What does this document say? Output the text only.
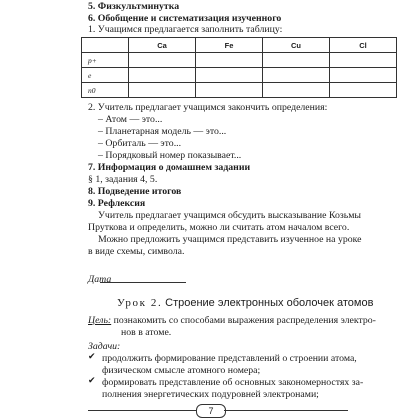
5. Физкультминутка
6. Обобщение и систематизация изученного
1. Учащимся предлагается заполнить таблицу:
	Ca	Fe	Cu	Cl
p+				
e				
n0				
2. Учитель предлагает учащимся закончить определения:
– Атом — это...
– Планетарная модель — это...
– Орбиталь — это...
– Порядковый номер показывает...
7. Информация о домашнем задании
§ 1, задания 4, 5.
8. Подведение итогов
9. Рефлексия
Учитель предлагает учащимся обсудить высказывание Козьмы
Пруткова и определить, можно ли считать атом началом всего.
Можно предложить учащимся представить изученное на уроке
в виде схемы, символа.
Дата
Урок 2. Строение электронных оболочек атомов
Цель: познакомить со способами выражения распределения электро-
нов в атоме.
Задачи:
✔ продолжить формирование представлений о строении атома,
физическом смысле атомного номера;
✔ формировать представление об основных закономерностях за-
полнения энергетических подуровней электронами;
7
